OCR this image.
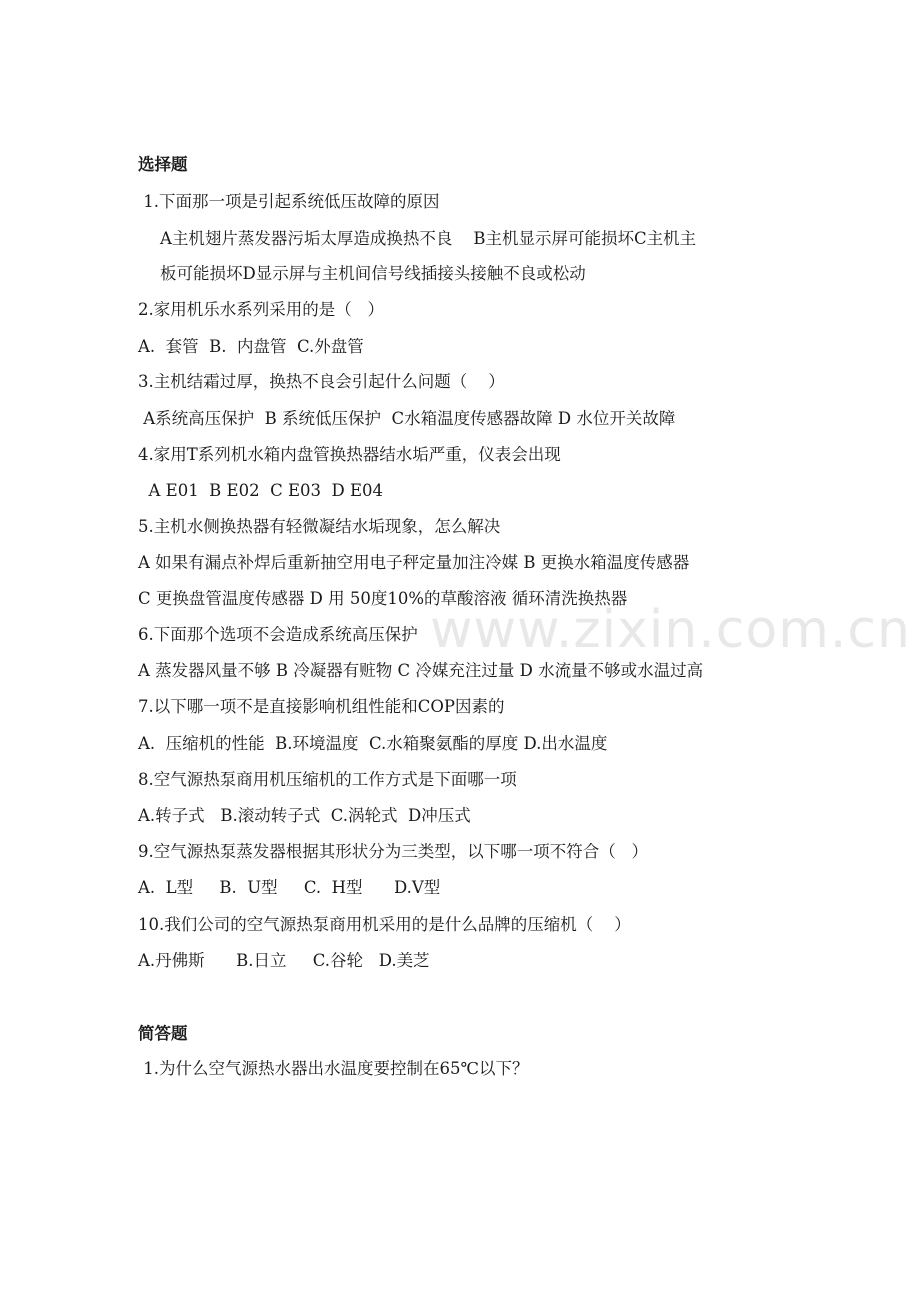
www.zixin.com.cn
选择题
1.下面那一项是引起系统低压故障的原因
A主机翅片蒸发器污垢太厚造成换热不良    B主机显示屏可能损坏C主机主
板可能损坏D显示屏与主机间信号线插接头接触不良或松动
2.家用机乐水系列采用的是（   ）
A.  套管  B.  内盘管  C.外盘管
3.主机结霜过厚，换热不良会引起什么问题（    ）
A系统高压保护  B 系统低压保护  C水箱温度传感器故障 D 水位开关故障
4.家用T系列机水箱内盘管换热器结水垢严重，仪表会出现
A E01  B E02  C E03  D E04
5.主机水侧换热器有轻微凝结水垢现象，怎么解决
A 如果有漏点补焊后重新抽空用电子秤定量加注冷媒 B 更换水箱温度传感器
C 更换盘管温度传感器 D 用 50度10%的草酸溶液 循环清洗换热器
6.下面那个选项不会造成系统高压保护
A 蒸发器风量不够 B 冷凝器有赃物 C 冷媒充注过量 D 水流量不够或水温过高
7.以下哪一项不是直接影响机组性能和COP因素的
A.  压缩机的性能  B.环境温度  C.水箱聚氨酯的厚度 D.出水温度
8.空气源热泵商用机压缩机的工作方式是下面哪一项
A.转子式   B.滚动转子式  C.涡轮式  D冲压式
9.空气源热泵蒸发器根据其形状分为三类型，以下哪一项不符合（   ）
A.  L型     B.  U型     C.  H型      D.V型
10.我们公司的空气源热泵商用机采用的是什么品牌的压缩机（    ）
A.丹佛斯      B.日立     C.谷轮   D.美芝
简答题
1.为什么空气源热水器出水温度要控制在65℃以下？
